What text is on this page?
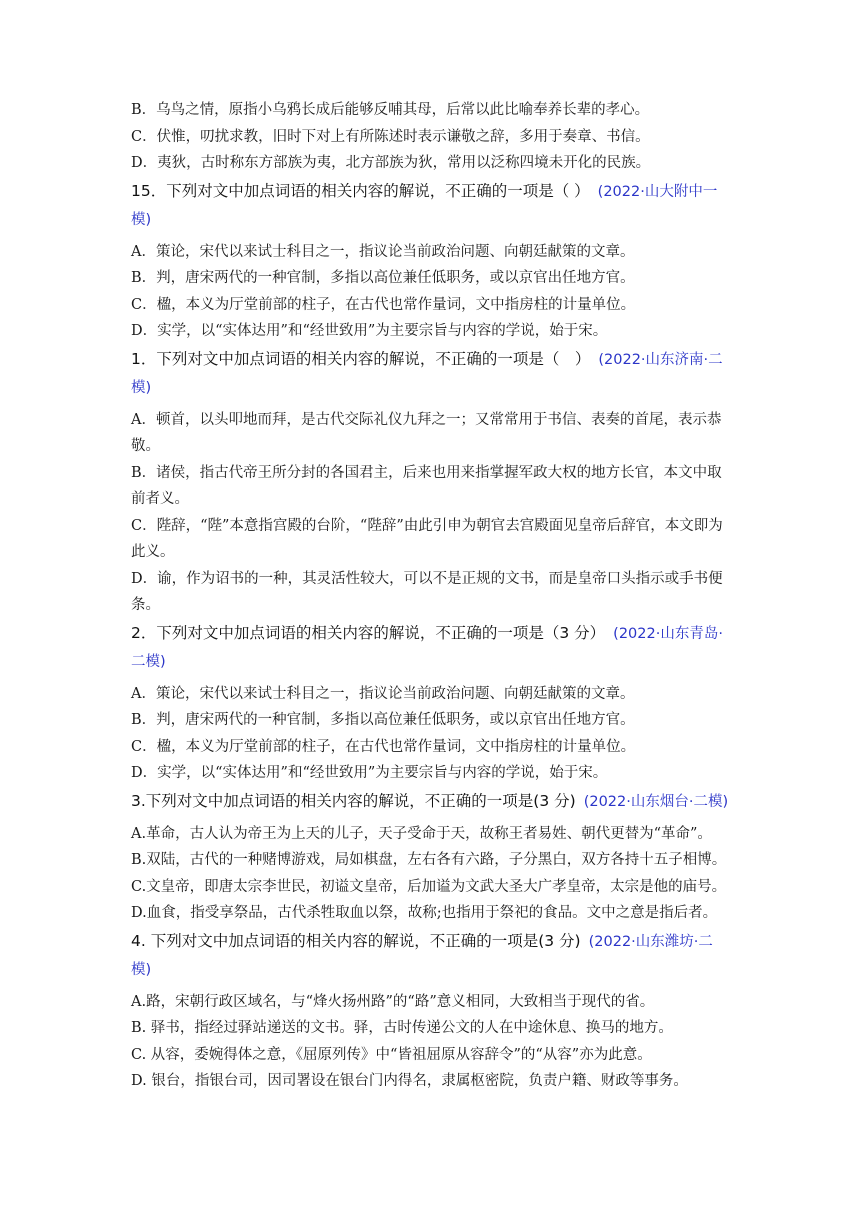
B．乌鸟之情，原指小乌鸦长成后能够反哺其母，后常以此比喻奉养长辈的孝心。
C．伏惟，叨扰求教，旧时下对上有所陈述时表示谦敬之辞，多用于奏章、书信。
D．夷狄，古时称东方部族为夷，北方部族为狄，常用以泛称四境未开化的民族。
15．下列对文中加点词语的相关内容的解说，不正确的一项是（ ） (2022·山大附中一模)
A．策论，宋代以来试士科目之一，指议论当前政治问题、向朝廷献策的文章。
B．判，唐宋两代的一种官制，多指以高位兼任低职务，或以京官出任地方官。
C．楹，本义为厅堂前部的柱子，在古代也常作量词，文中指房柱的计量单位。
D．实学，以“实体达用”和“经世致用”为主要宗旨与内容的学说，始于宋。
1．下列对文中加点词语的相关内容的解说，不正确的一项是（　） (2022·山东济南·二模)
A．顿首，以头叩地而拜，是古代交际礼仪九拜之一；又常常用于书信、表奏的首尾，表示恭敬。
B．诸侯，指古代帝王所分封的各国君主，后来也用来指掌握军政大权的地方长官，本文中取前者义。
C．陛辞，“陛”本意指宫殿的台阶，“陛辞”由此引申为朝官去宫殿面见皇帝后辞官，本文即为此义。
D．谕，作为诏书的一种，其灵活性较大，可以不是正规的文书，而是皇帝口头指示或手书便条。
2．下列对文中加点词语的相关内容的解说，不正确的一项是（3 分） (2022·山东青岛·二模)
A．策论，宋代以来试士科目之一，指议论当前政治问题、向朝廷献策的文章。
B．判，唐宋两代的一种官制，多指以高位兼任低职务，或以京官出任地方官。
C．楹，本义为厅堂前部的柱子，在古代也常作量词，文中指房柱的计量单位。
D．实学，以“实体达用”和“经世致用”为主要宗旨与内容的学说，始于宋。
3.下列对文中加点词语的相关内容的解说，不正确的一项是(3 分) (2022·山东烟台·二模)
A.革命，古人认为帝王为上天的儿子，天子受命于天，故称王者易姓、朝代更替为“革命”。
B.双陆，古代的一种赌博游戏，局如棋盘，左右各有六路，子分黑白，双方各持十五子相博。
C.文皇帝，即唐太宗李世民，初谥文皇帝，后加谥为文武大圣大广孝皇帝，太宗是他的庙号。
D.血食，指受享祭品，古代杀牲取血以祭，故称;也指用于祭祀的食品。文中之意是指后者。
4. 下列对文中加点词语的相关内容的解说，不正确的一项是(3 分) (2022·山东潍坊·二模)
A.路，宋朝行政区域名，与“烽火扬州路”的“路”意义相同，大致相当于现代的省。
B. 驿书，指经过驿站递送的文书。驿，古时传递公文的人在中途休息、换马的地方。
C. 从容，委婉得体之意，《屈原列传》中“皆祖屈原从容辞令”的“从容”亦为此意。
D. 银台，指银台司，因司署设在银台门内得名，隶属枢密院，负责户籍、财政等事务。
